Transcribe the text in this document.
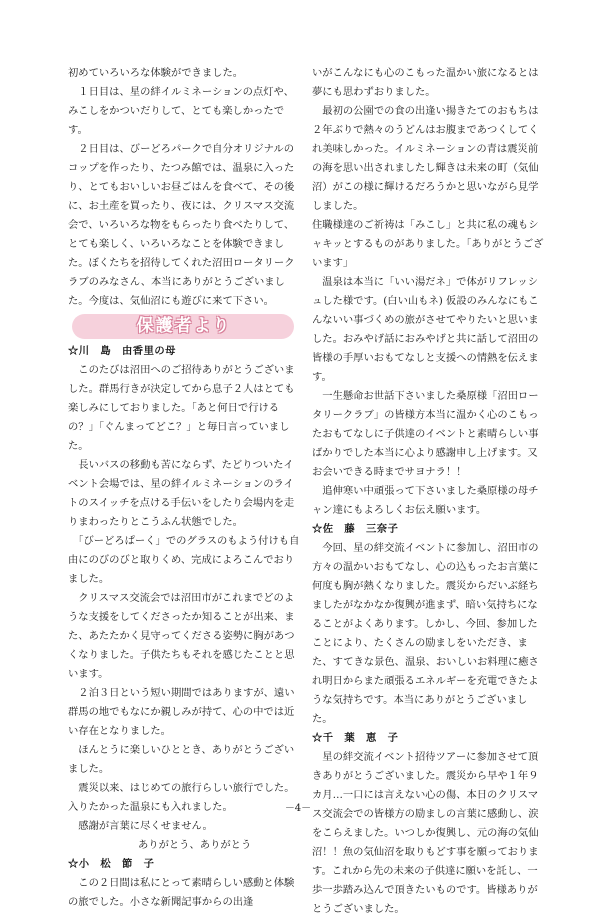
初めていろいろな体験ができました。

　１日目は、星の絆イルミネーションの点灯や、みこしをかついだりして、とても楽しかったです。

　２日目は、びーどろパークで自分オリジナルのコップを作ったり、たつみ館では、温泉に入ったり、とてもおいしいお昼ごはんを食べて、その後に、お土産を買ったり、夜には、クリスマス交流会で、いろいろな物をもらったり食べたりして、とても楽しく、いろいろなことを体験できました。ぼくたちを招待してくれた沼田ロータリークラブのみなさん、本当にありがとうございました。今度は、気仙沼にも遊びに来て下さい。

保護者より

☆川　島　由香里の母

　このたびは沼田へのご招待ありがとうございました。群馬行きが決定してから息子２人はとても楽しみにしておりました。「あと何日で行けるの？」「ぐんまってどこ？」と毎日言っていました。

　長いバスの移動も苦にならず、たどりついたイベント会場では、星の絆イルミネーションのライトのスイッチを点ける手伝いをしたり会場内を走りまわったりとこうふん状態でした。

　「びーどろぱーく」でのグラスのもよう付けも自由にのびのびと取りくめ、完成によろこんでおりました。

　クリスマス交流会では沼田市がこれまでどのような支援をしてくださったか知ることが出来、また、あたたかく見守ってくださる姿勢に胸があつくなりました。子供たちもそれを感じたことと思います。

　２泊３日という短い期間ではありますが、遠い群馬の地でもなにか親しみが持て、心の中では近い存在となりました。

　ほんとうに楽しいひととき、ありがとうございました。

　震災以来、はじめての旅行らしい旅行でした。入りたかった温泉にも入れました。

　感謝が言葉に尽くせません。

ありがとう、ありがとう

☆小　松　節　子

　この２日間は私にとって素晴らしい感動と体験の旅でした。小さな新聞記事からの出逢

いがこんなにも心のこもった温かい旅になるとは夢にも思わずおりました。

　最初の公園での食の出逢い揚きたてのおもちは２年ぶりで熱々のうどんはお腹まであつくしてくれ美味しかった。イルミネーションの青は震災前の海を思い出されましたし輝きは未来の町（気仙沼）がこの様に輝けるだろうかと思いながら見学しました。

住職様達のご祈祷は「みこし」と共に私の魂もシャキッとするものがありました。「ありがとうございます」

　温泉は本当に「いい湯だネ」で体がリフレッシュした様です。(白い山もネ) 仮設のみんなにもこんないい事づくめの旅がさせてやりたいと思いました。おみやげ話におみやげと共に話して沼田の皆様の手厚いおもてなしと支援への情熱を伝えます。

　一生懸命お世話下さいました桑原様「沼田ロータリークラブ」の皆様方本当に温かく心のこもったおもてなしに子供達のイベントと素晴らしい事ばかりでした本当に心より感謝申し上げます。又お会いできる時までサヨナラ！！

　追伸寒い中頑張って下さいました桑原様の母チャン達にもよろしくお伝え願います。

☆佐　藤　三奈子

　今回、星の絆交流イベントに参加し、沼田市の方々の温かいおもてなし、心の込もったお言葉に何度も胸が熱くなりました。震災からだいぶ経ちましたがなかなか復興が進まず、暗い気持ちになることがよくあります。しかし、今回、参加したことにより、たくさんの励ましをいただき、また、すてきな景色、温泉、おいしいお料理に癒され明日からまた頑張るエネルギーを充電できたような気持ちです。本当にありがとうございました。

☆千　葉　恵　子

　星の絆交流イベント招待ツアーに参加させて頂きありがとうございました。震災から早や１年９カ月…一口には言えない心の傷、本日のクリスマス交流会での皆様方の励ましの言葉に感動し、涙をこらえました。いつしか復興し、元の海の気仙沼！！魚の気仙沼を取りもどす事を願っております。これから先の未来の子供達に願いを託し、一歩一歩踏み込んで頂きたいものです。皆様ありがとうございました。

－4－
